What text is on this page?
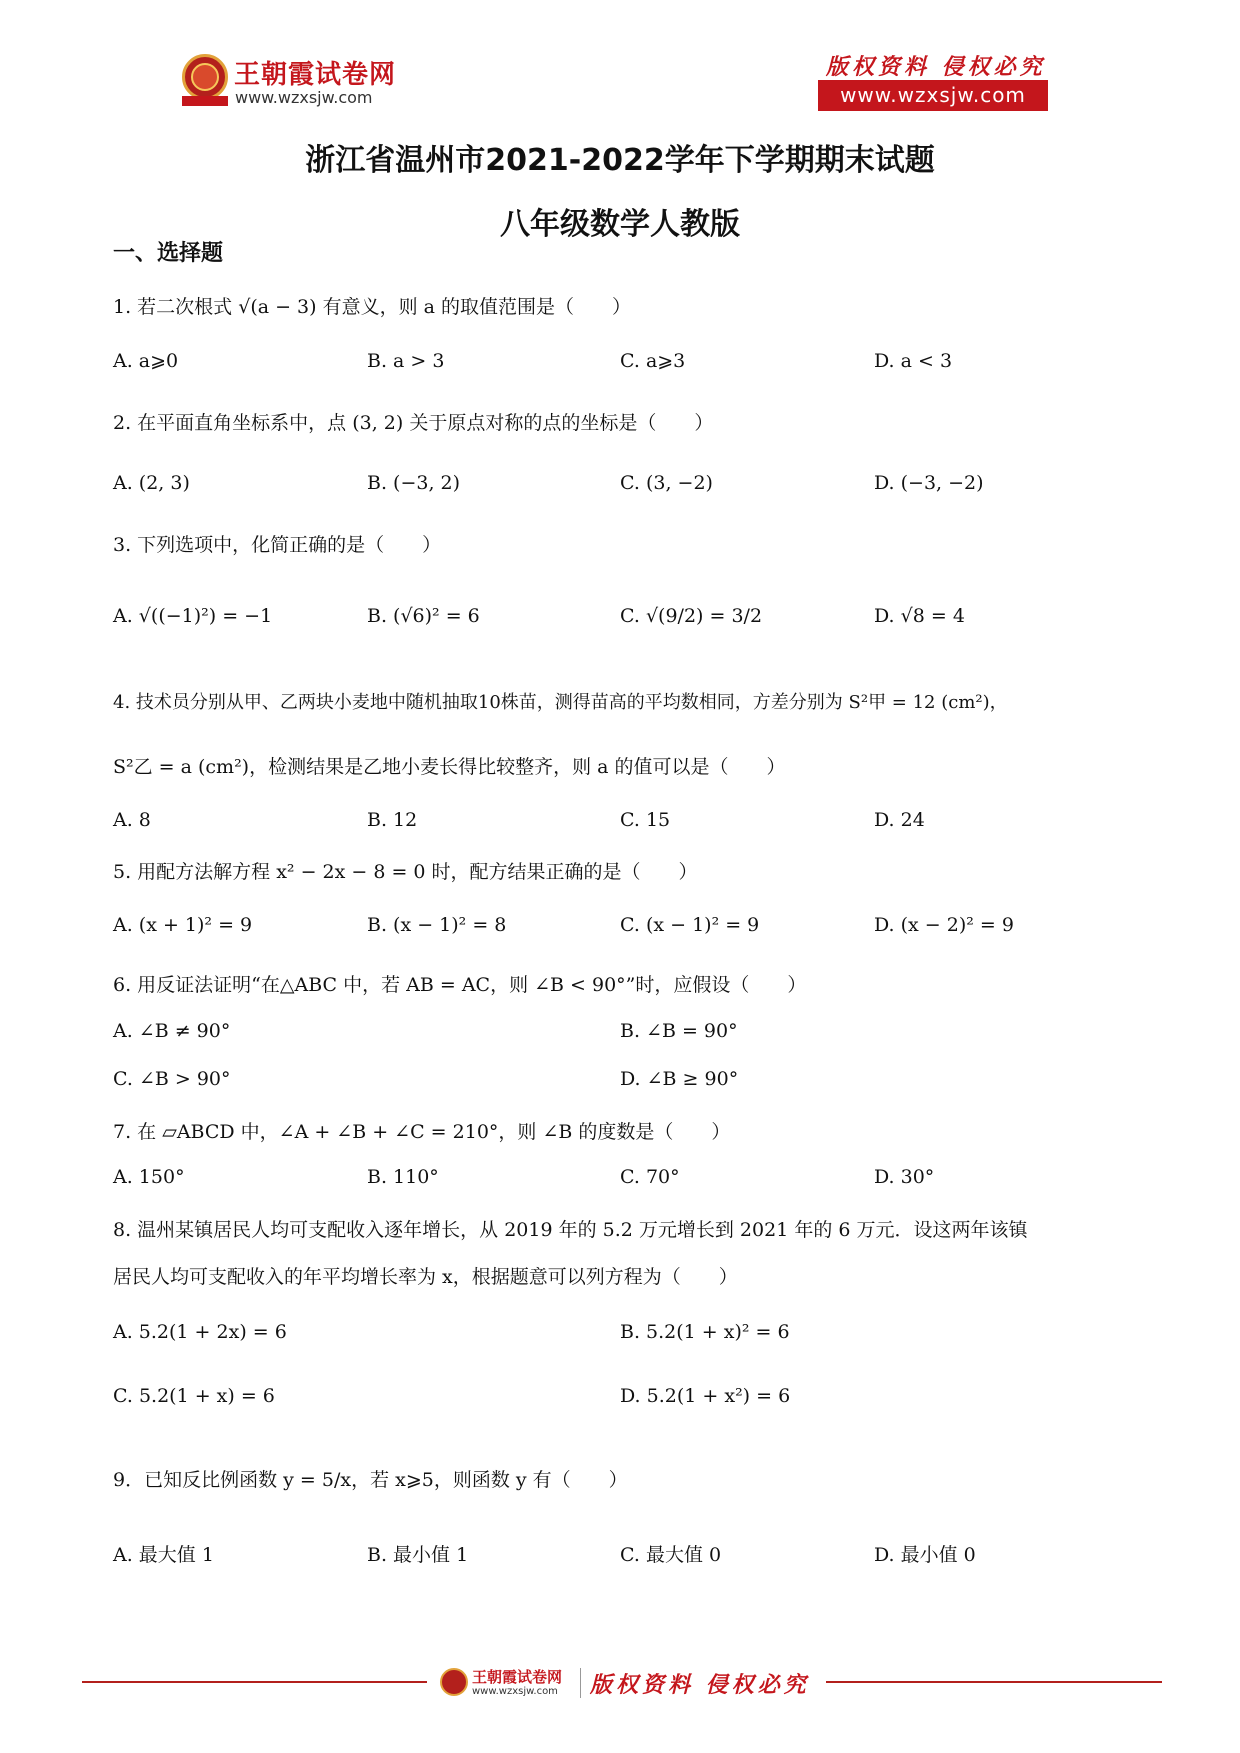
王朝霞试卷网
www.wzxsjw.com
版权资料 侵权必究
www.wzxsjw.com
浙江省温州市2021-2022学年下学期期末试题
八年级数学人教版
一、选择题
1. 若二次根式 √(a − 3) 有意义，则 a 的取值范围是（　　）
A. a⩾0	B. a > 3	C. a⩾3	D. a < 3
2. 在平面直角坐标系中，点 (3, 2) 关于原点对称的点的坐标是（　　）
A. (2, 3)	B. (−3, 2)	C. (3, −2)	D. (−3, −2)
3. 下列选项中，化简正确的是（　　）
A. √((−1)²) = −1	B. (√6)² = 6	C. √(9/2) = 3/2	D. √8 = 4
4. 技术员分别从甲、乙两块小麦地中随机抽取10株苗，测得苗高的平均数相同，方差分别为 S²甲 = 12 (cm²)，
S²乙 = a (cm²)，检测结果是乙地小麦长得比较整齐，则 a 的值可以是（　　）
A. 8	B. 12	C. 15	D. 24
5. 用配方法解方程 x² − 2x − 8 = 0 时，配方结果正确的是（　　）
A. (x + 1)² = 9	B. (x − 1)² = 8	C. (x − 1)² = 9	D. (x − 2)² = 9
6. 用反证法证明“在△ABC 中，若 AB = AC，则 ∠B < 90°”时，应假设（　　）
A. ∠B ≠ 90°	B. ∠B = 90°
C. ∠B > 90°	D. ∠B ≥ 90°
7. 在 ▱ABCD 中，∠A + ∠B + ∠C = 210°，则 ∠B 的度数是（　　）
A. 150°	B. 110°	C. 70°	D. 30°
8. 温州某镇居民人均可支配收入逐年增长，从 2019 年的 5.2 万元增长到 2021 年的 6 万元．设这两年该镇
居民人均可支配收入的年平均增长率为 x，根据题意可以列方程为（　　）
A. 5.2(1 + 2x) = 6	B. 5.2(1 + x)² = 6
C. 5.2(1 + x) = 6	D. 5.2(1 + x²) = 6
9．已知反比例函数 y = 5/x，若 x⩾5，则函数 y 有（　　）
A. 最大值 1	B. 最小值 1	C. 最大值 0	D. 最小值 0
王朝霞试卷网
www.wzxsjw.com 版权资料 侵权必究
